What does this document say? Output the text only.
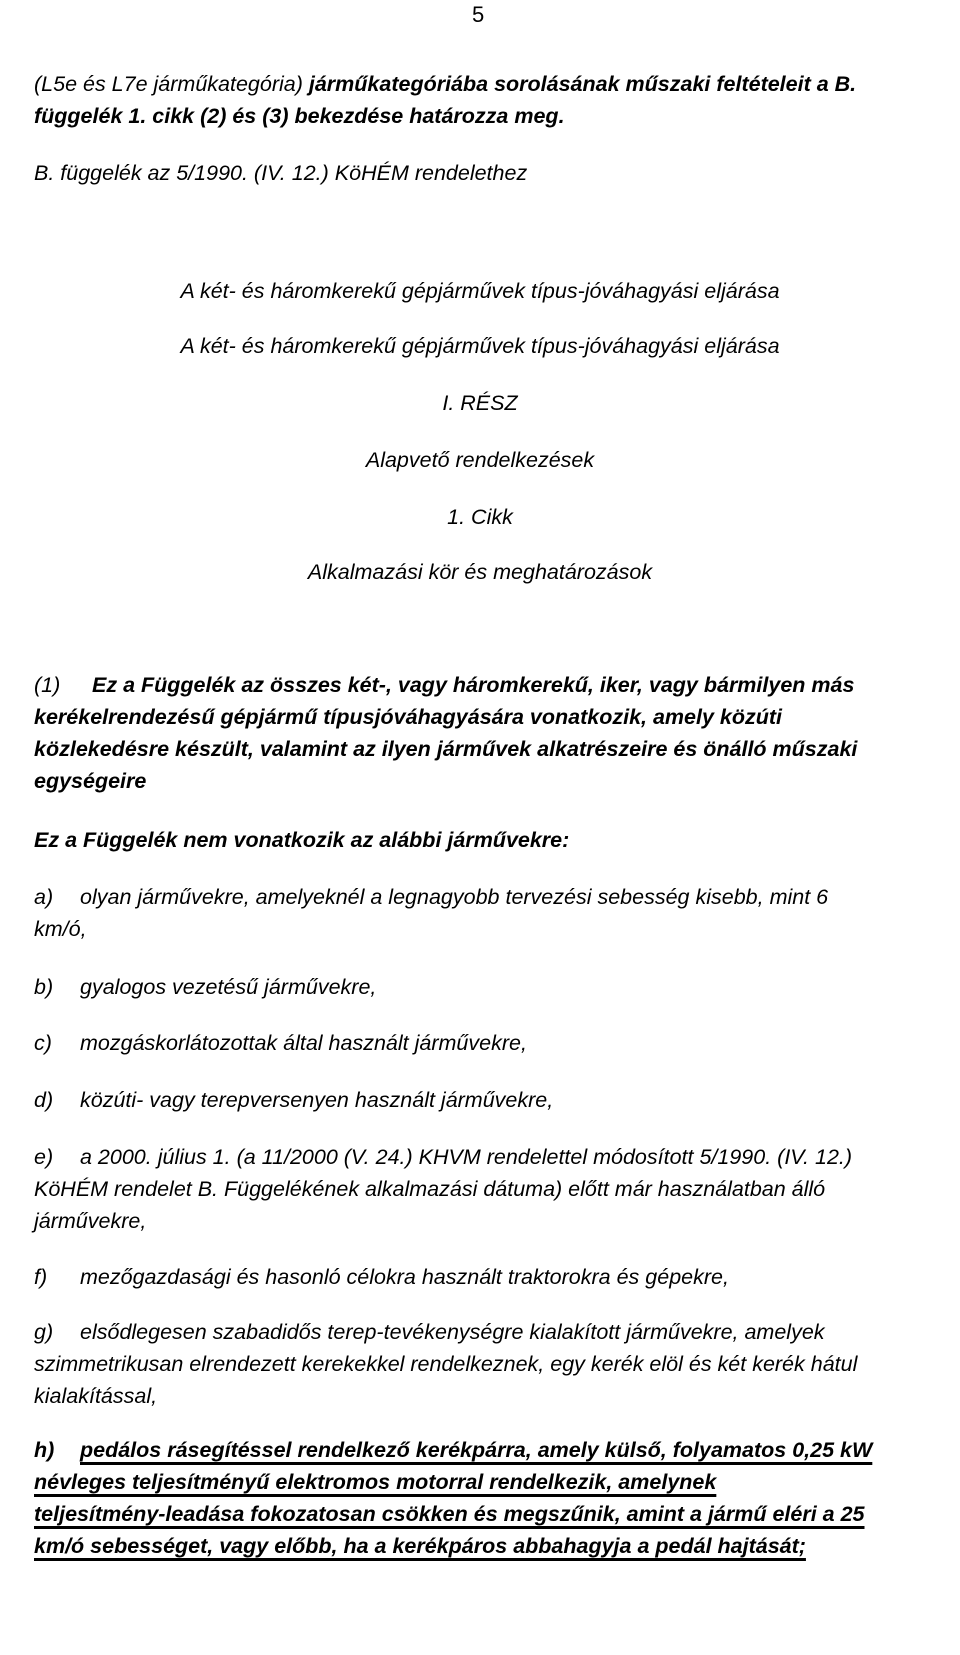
5
(L5e és L7e járműkategória) járműkategóriába sorolásának műszaki feltételeit a B.
függelék 1. cikk (2) és (3) bekezdése határozza meg.
B. függelék az 5/1990. (IV. 12.) KöHÉM rendelethez
A két- és háromkerekű gépjárművek típus-jóváhagyási eljárása
A két- és háromkerekű gépjárművek típus-jóváhagyási eljárása
I. RÉSZ
Alapvető rendelkezések
1. Cikk
Alkalmazási kör és meghatározások
(1) Ez a Függelék az összes két-, vagy háromkerekű, iker, vagy bármilyen más
kerékelrendezésű gépjármű típusjóváhagyására vonatkozik, amely közúti
közlekedésre készült, valamint az ilyen járművek alkatrészeire és önálló műszaki
egységeire
Ez a Függelék nem vonatkozik az alábbi járművekre:
a) olyan járművekre, amelyeknél a legnagyobb tervezési sebesség kisebb, mint 6
km/ó,
b) gyalogos vezetésű járművekre,
c) mozgáskorlátozottak által használt járművekre,
d) közúti- vagy terepversenyen használt járművekre,
e) a 2000. július 1. (a 11/2000 (V. 24.) KHVM rendelettel módosított 5/1990. (IV. 12.)
KöHÉM rendelet B. Függelékének alkalmazási dátuma) előtt már használatban álló
járművekre,
f) mezőgazdasági és hasonló célokra használt traktorokra és gépekre,
g) elsődlegesen szabadidős terep-tevékenységre kialakított járművekre, amelyek
szimmetrikusan elrendezett kerekekkel rendelkeznek, egy kerék elöl és két kerék hátul
kialakítással,
h) pedálos rásegítéssel rendelkező kerékpárra, amely külső, folyamatos 0,25 kW
névleges teljesítményű elektromos motorral rendelkezik, amelynek
teljesítmény-leadása fokozatosan csökken és megszűnik, amint a jármű eléri a 25
km/ó sebességet, vagy előbb, ha a kerékpáros abbahagyja a pedál hajtását;
